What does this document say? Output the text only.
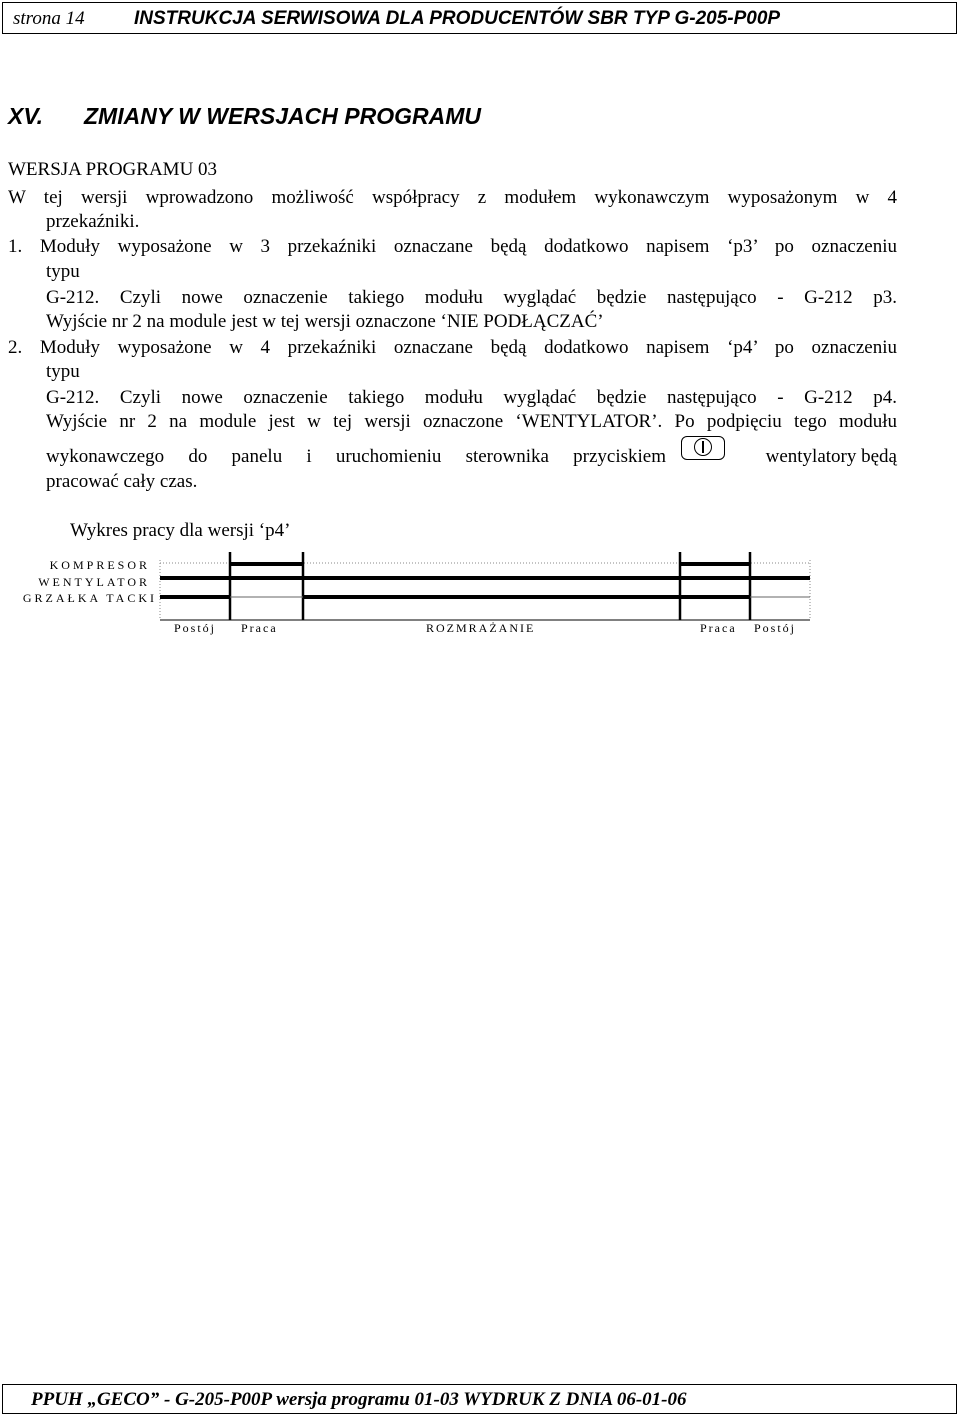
strona 14	INSTRUKCJA SERWISOWA DLA PRODUCENTÓW SBR TYP G-205-P00P
XV. ZMIANY W WERSJACH PROGRAMU
WERSJA PROGRAMU 03
W tej wersji wprowadzono możliwość współpracy z modułem wykonawczym wyposażonym w 4
przekaźniki.
1. Moduły wyposażone w 3 przekaźniki oznaczane będą dodatkowo napisem ‘p3’ po oznaczeniu
typu
G-212. Czyli nowe oznaczenie takiego modułu wyglądać będzie następująco - G-212 p3.
Wyjście nr 2 na module jest w tej wersji oznaczone ‘NIE PODŁĄCZAĆ’
2. Moduły wyposażone w 4 przekaźniki oznaczane będą dodatkowo napisem ‘p4’ po oznaczeniu
typu
G-212. Czyli nowe oznaczenie takiego modułu wyglądać będzie następująco - G-212 p4.
Wyjście nr 2 na module jest w tej wersji oznaczone ‘WENTYLATOR’. Po podpięciu tego modułu
wykonawczego do panelu i uruchomieniu sterownika przyciskiem	wentylatory będą
pracować cały czas.
Wykres pracy dla wersji ‘p4’
KOMPRESOR
WENTYLATOR
GRZAŁKA TACKI
Postój Praca	ROZMRAŻANIE	Praca Postój
PPUH „GECO” - G-205-P00P wersja programu 01-03 WYDRUK Z DNIA 06-01-06
